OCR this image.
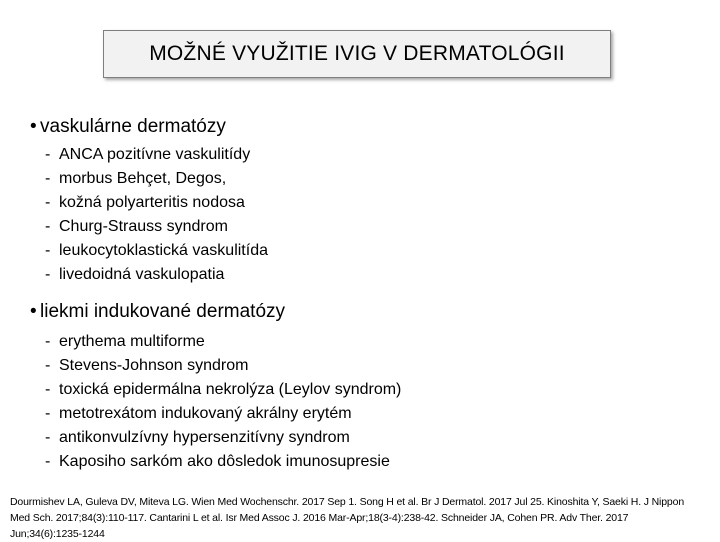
MOŽNÉ VYUŽITIE IVIG V DERMATOLÓGII
• vaskulárne dermatózy
- ANCA pozitívne vaskulitídy
- morbus Behçet, Degos,
- kožná polyarteritis nodosa
- Churg-Strauss syndrom
- leukocytoklastická vaskulitída
- livedoidná vaskulopatia
• liekmi indukované dermatózy
- erythema multiforme
- Stevens-Johnson syndrom
- toxická epidermálna nekrolýza (Leylov syndrom)
- metotrexátom indukovaný akrálny erytém
- antikonvulzívny hypersenzitívny syndrom
- Kaposiho sarkóm ako dôsledok imunosupresie
Dourmishev LA, Guleva DV, Miteva LG. Wien Med Wochenschr. 2017 Sep 1. Song H et al. Br J Dermatol. 2017 Jul 25. Kinoshita Y, Saeki H. J Nippon Med Sch. 2017;84(3):110-117. Cantarini L et al. Isr Med Assoc J. 2016 Mar-Apr;18(3-4):238-42. Schneider JA, Cohen PR. Adv Ther. 2017 Jun;34(6):1235-1244
